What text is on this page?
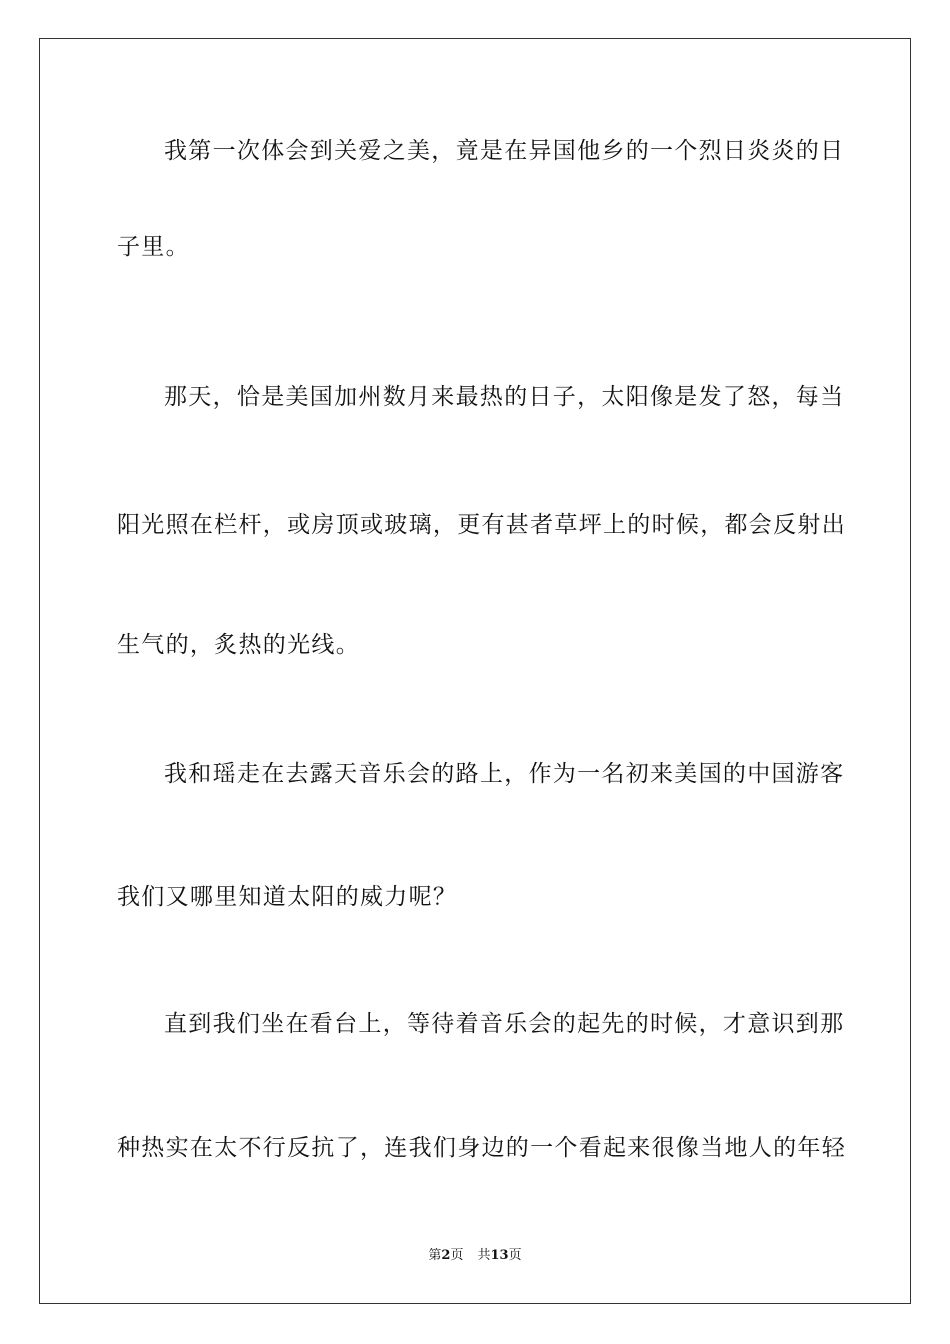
我第一次体会到关爱之美，竟是在异国他乡的一个烈日炎炎的日
子里。
那天，恰是美国加州数月来最热的日子，太阳像是发了怒，每当
阳光照在栏杆，或房顶或玻璃，更有甚者草坪上的时候，都会反射出
生气的，炙热的光线。
我和瑶走在去露天音乐会的路上，作为一名初来美国的中国游客
我们又哪里知道太阳的威力呢？
直到我们坐在看台上，等待着音乐会的起先的时候，才意识到那
种热实在太不行反抗了，连我们身边的一个看起来很像当地人的年轻
第2页 共13页
